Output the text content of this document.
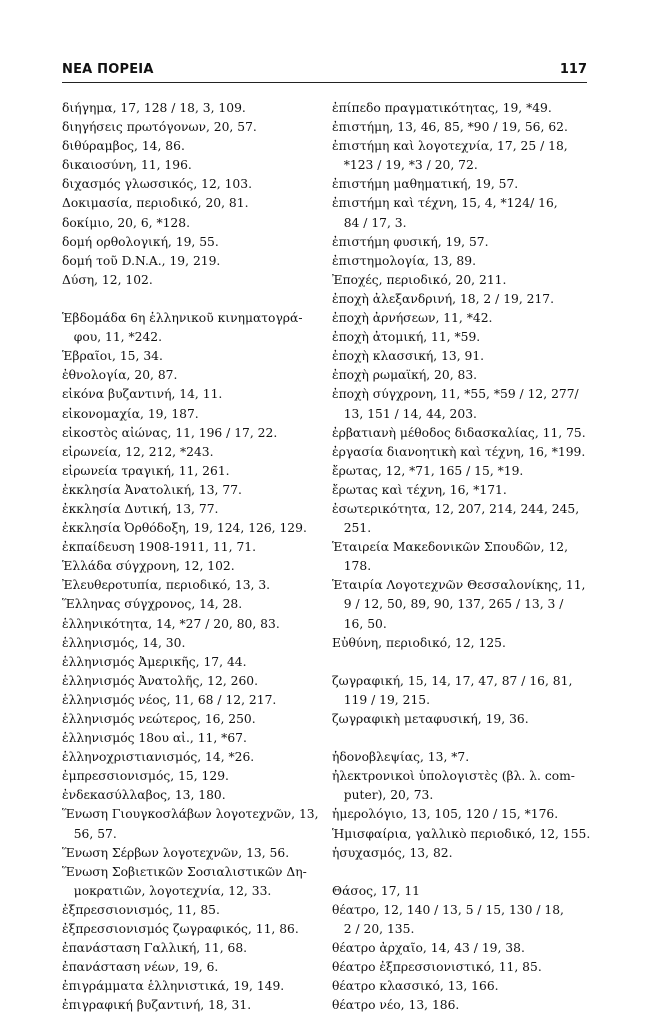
ΝΕΑ ΠΟΡΕΙΑ	117
διήγημα, 17, 128 / 18, 3, 109.
διηγήσεις πρωτόγονων, 20, 57.
διθύραμβος, 14, 86.
δικαιοσύνη, 11, 196.
διχασμός γλωσσικός, 12, 103.
Δοκιμασία, περιοδικό, 20, 81.
δοκίμιο, 20, 6, *128.
δομή ορθολογική, 19, 55.
δομή τοῦ D.N.A., 19, 219.
Δύση, 12, 102.
Ἑβδομάδα 6η ἑλληνικοῦ κινηματογρά-
φου, 11, *242.
Ἑβραῖοι, 15, 34.
ἐθνολογία, 20, 87.
εἰκόνα βυζαντινή, 14, 11.
εἰκονομαχία, 19, 187.
εἰκοστὸς αἰώνας, 11, 196 / 17, 22.
εἰρωνεία, 12, 212, *243.
εἰρωνεία τραγική, 11, 261.
ἐκκλησία Ἀνατολική, 13, 77.
ἐκκλησία Δυτική, 13, 77.
ἐκκλησία Ὀρθόδοξη, 19, 124, 126, 129.
ἐκπαίδευση 1908-1911, 11, 71.
Ἑλλάδα σύγχρονη, 12, 102.
Ἐλευθεροτυπία, περιοδικό, 13, 3.
Ἕλληνας σύγχρονος, 14, 28.
ἑλληνικότητα, 14, *27 / 20, 80, 83.
ἑλληνισμός, 14, 30.
ἑλληνισμός Ἀμερικῆς, 17, 44.
ἑλληνισμός Ἀνατολῆς, 12, 260.
ἑλληνισμός νέος, 11, 68 / 12, 217.
ἑλληνισμός νεώτερος, 16, 250.
ἑλληνισμός 18ου αἰ., 11, *67.
ἑλληνοχριστιανισμός, 14, *26.
ἐμπρεσσιονισμός, 15, 129.
ἐνδεκασύλλαβος, 13, 180.
Ἕνωση Γιουγκοσλάβων λογοτεχνῶν, 13,
56, 57.
Ἕνωση Σέρβων λογοτεχνῶν, 13, 56.
Ἕνωση Σοβιετικῶν Σοσιαλιστικῶν Δη-
μοκρατιῶν, λογοτεχνία, 12, 33.
ἐξπρεσσιονισμός, 11, 85.
ἐξπρεσσιονισμός ζωγραφικός, 11, 86.
ἐπανάσταση Γαλλική, 11, 68.
ἐπανάσταση νέων, 19, 6.
ἐπιγράμματα ἑλληνιστικά, 19, 149.
ἐπιγραφική βυζαντινή, 18, 31.
ἐπίπεδο πραγματικότητας, 19, *49.
ἐπιστήμη, 13, 46, 85, *90 / 19, 56, 62.
ἐπιστήμη καὶ λογοτεχνία, 17, 25 / 18,
*123 / 19, *3 / 20, 72.
ἐπιστήμη μαθηματική, 19, 57.
ἐπιστήμη καὶ τέχνη, 15, 4, *124/ 16,
84 / 17, 3.
ἐπιστήμη φυσική, 19, 57.
ἐπιστημολογία, 13, 89.
Ἐποχές, περιοδικό, 20, 211.
ἐποχὴ ἀλεξανδρινή, 18, 2 / 19, 217.
ἐποχὴ ἀρνήσεων, 11, *42.
ἐποχὴ ἀτομική, 11, *59.
ἐποχὴ κλασσική, 13, 91.
ἐποχὴ ρωμαϊκή, 20, 83.
ἐποχὴ σύγχρονη, 11, *55, *59 / 12, 277/
13, 151 / 14, 44, 203.
ἐρβατιανὴ μέθοδος διδασκαλίας, 11, 75.
ἐργασία διανοητικὴ καὶ τέχνη, 16, *199.
ἔρωτας, 12, *71, 165 / 15, *19.
ἔρωτας καὶ τέχνη, 16, *171.
ἐσωτερικότητα, 12, 207, 214, 244, 245,
251.
Ἑταιρεία Μακεδονικῶν Σπουδῶν, 12,
178.
Ἑταιρία Λογοτεχνῶν Θεσσαλονίκης, 11,
9 / 12, 50, 89, 90, 137, 265 / 13, 3 /
16, 50.
Εὐθύνη, περιοδικό, 12, 125.
ζωγραφική, 15, 14, 17, 47, 87 / 16, 81,
119 / 19, 215.
ζωγραφικὴ μεταφυσική, 19, 36.
ἡδονοβλεψίας, 13, *7.
ἠλεκτρονικοὶ ὑπολογιστὲς (βλ. λ. com-
puter), 20, 73.
ἡμερολόγιο, 13, 105, 120 / 15, *176.
Ἡμισφαίρια, γαλλικὸ περιοδικό, 12, 155.
ἡσυχασμός, 13, 82.
Θάσος, 17, 11
θέατρο, 12, 140 / 13, 5 / 15, 130 / 18,
2 / 20, 135.
θέατρο ἀρχαῖο, 14, 43 / 19, 38.
θέατρο ἐξπρεσσιονιστικό, 11, 85.
θέατρο κλασσικό, 13, 166.
θέατρο νέο, 13, 186.
